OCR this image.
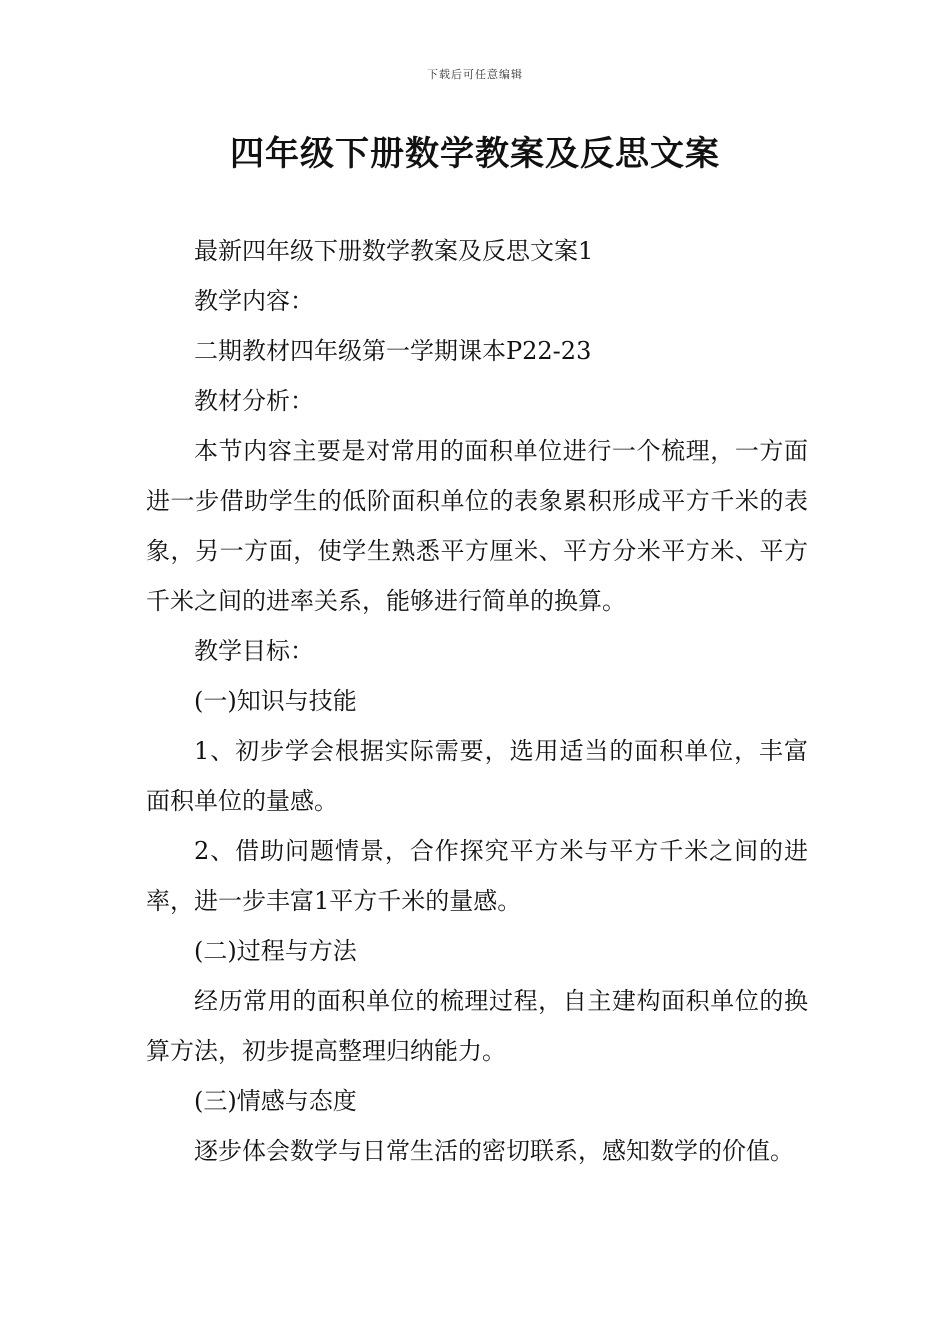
下载后可任意编辑
四年级下册数学教案及反思文案

最新四年级下册数学教案及反思文案1

教学内容：

二期教材四年级第一学期课本P22-23

教材分析：

本节内容主要是对常用的面积单位进行一个梳理，一方面进一步借助学生的低阶面积单位的表象累积形成平方千米的表象，另一方面，使学生熟悉平方厘米、平方分米平方米、平方千米之间的进率关系，能够进行简单的换算。

教学目标：

(一)知识与技能

1、初步学会根据实际需要，选用适当的面积单位，丰富面积单位的量感。

2、借助问题情景，合作探究平方米与平方千米之间的进率，进一步丰富1平方千米的量感。

(二)过程与方法

经历常用的面积单位的梳理过程，自主建构面积单位的换算方法，初步提高整理归纳能力。

(三)情感与态度

逐步体会数学与日常生活的密切联系，感知数学的价值。
